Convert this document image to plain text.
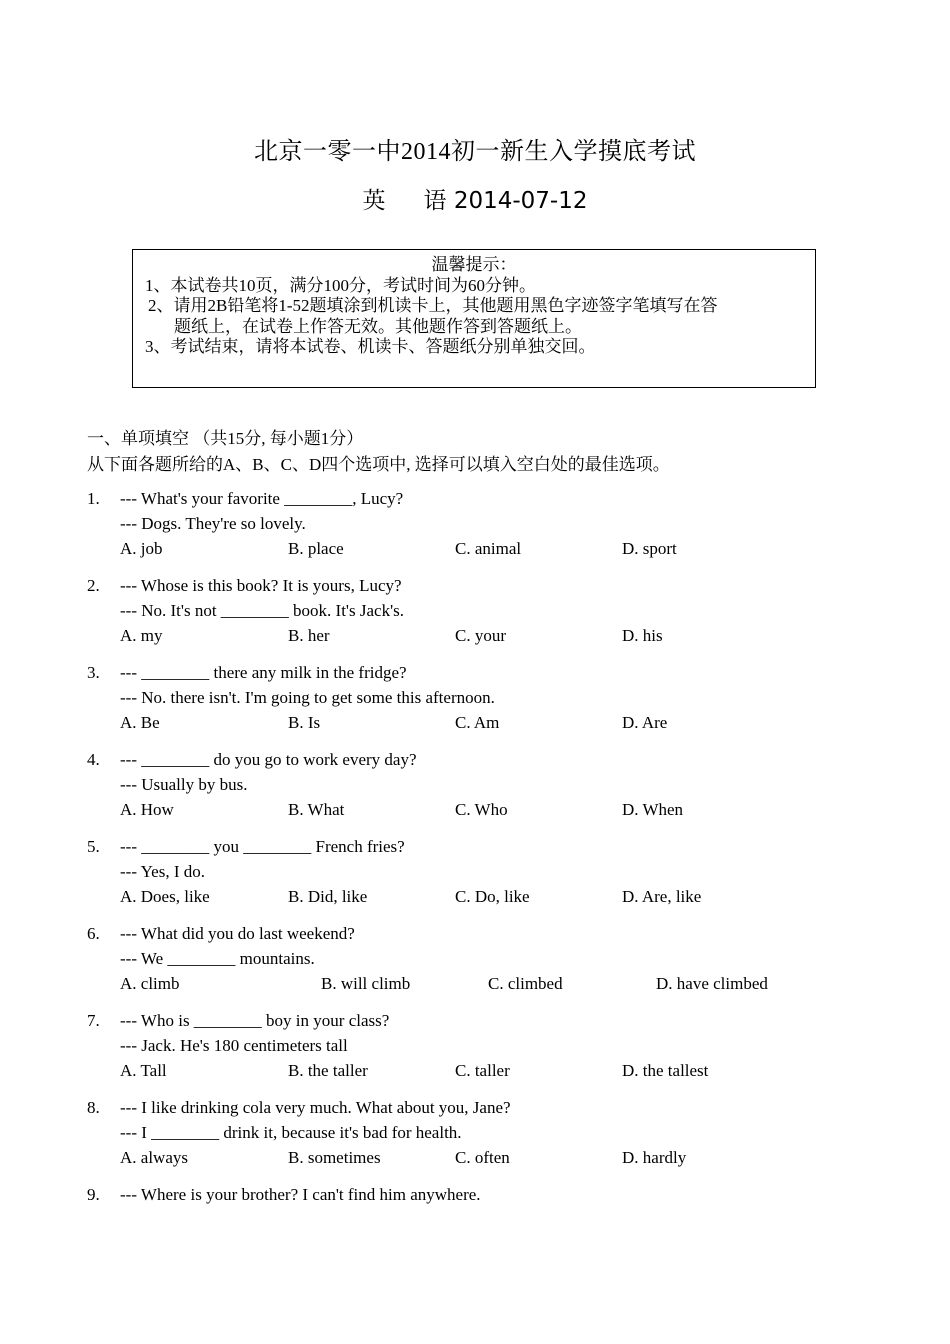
北京一零一中2014初一新生入学摸底考试
英 语 2014-07-12
温馨提示：
1、本试卷共10页，满分100分，考试时间为60分钟。
2、请用2B铅笔将1-52题填涂到机读卡上，其他题用黑色字迹签字笔填写在答
题纸上，在试卷上作答无效。其他题作答到答题纸上。
3、考试结束，请将本试卷、机读卡、答题纸分别单独交回。
一、单项填空 （共15分, 每小题1分）
从下面各题所给的A、B、C、D四个选项中, 选择可以填入空白处的最佳选项。
1. --- What's your favorite ________, Lucy?
--- Dogs. They're so lovely.
A. job	B. place	C. animal	D. sport
2. --- Whose is this book? It is yours, Lucy?
--- No. It's not ________ book. It's Jack's.
A. my	B. her	C. your	D. his
3. --- ________ there any milk in the fridge?
--- No. there isn't. I'm going to get some this afternoon.
A. Be	B. Is	C. Am	D. Are
4. --- ________ do you go to work every day?
--- Usually by bus.
A. How	B. What	C. Who	D. When
5. --- ________ you ________ French fries?
--- Yes, I do.
A. Does, like	B. Did, like	C. Do, like	D. Are, like
6. --- What did you do last weekend?
--- We ________ mountains.
A. climb	B. will climb	C. climbed	D. have climbed
7. --- Who is ________ boy in your class?
--- Jack. He's 180 centimeters tall
A. Tall	B. the taller	C. taller	D. the tallest
8. --- I like drinking cola very much. What about you, Jane?
--- I ________ drink it, because it's bad for health.
A. always	B. sometimes	C. often	D. hardly
9. --- Where is your brother? I can't find him anywhere.
